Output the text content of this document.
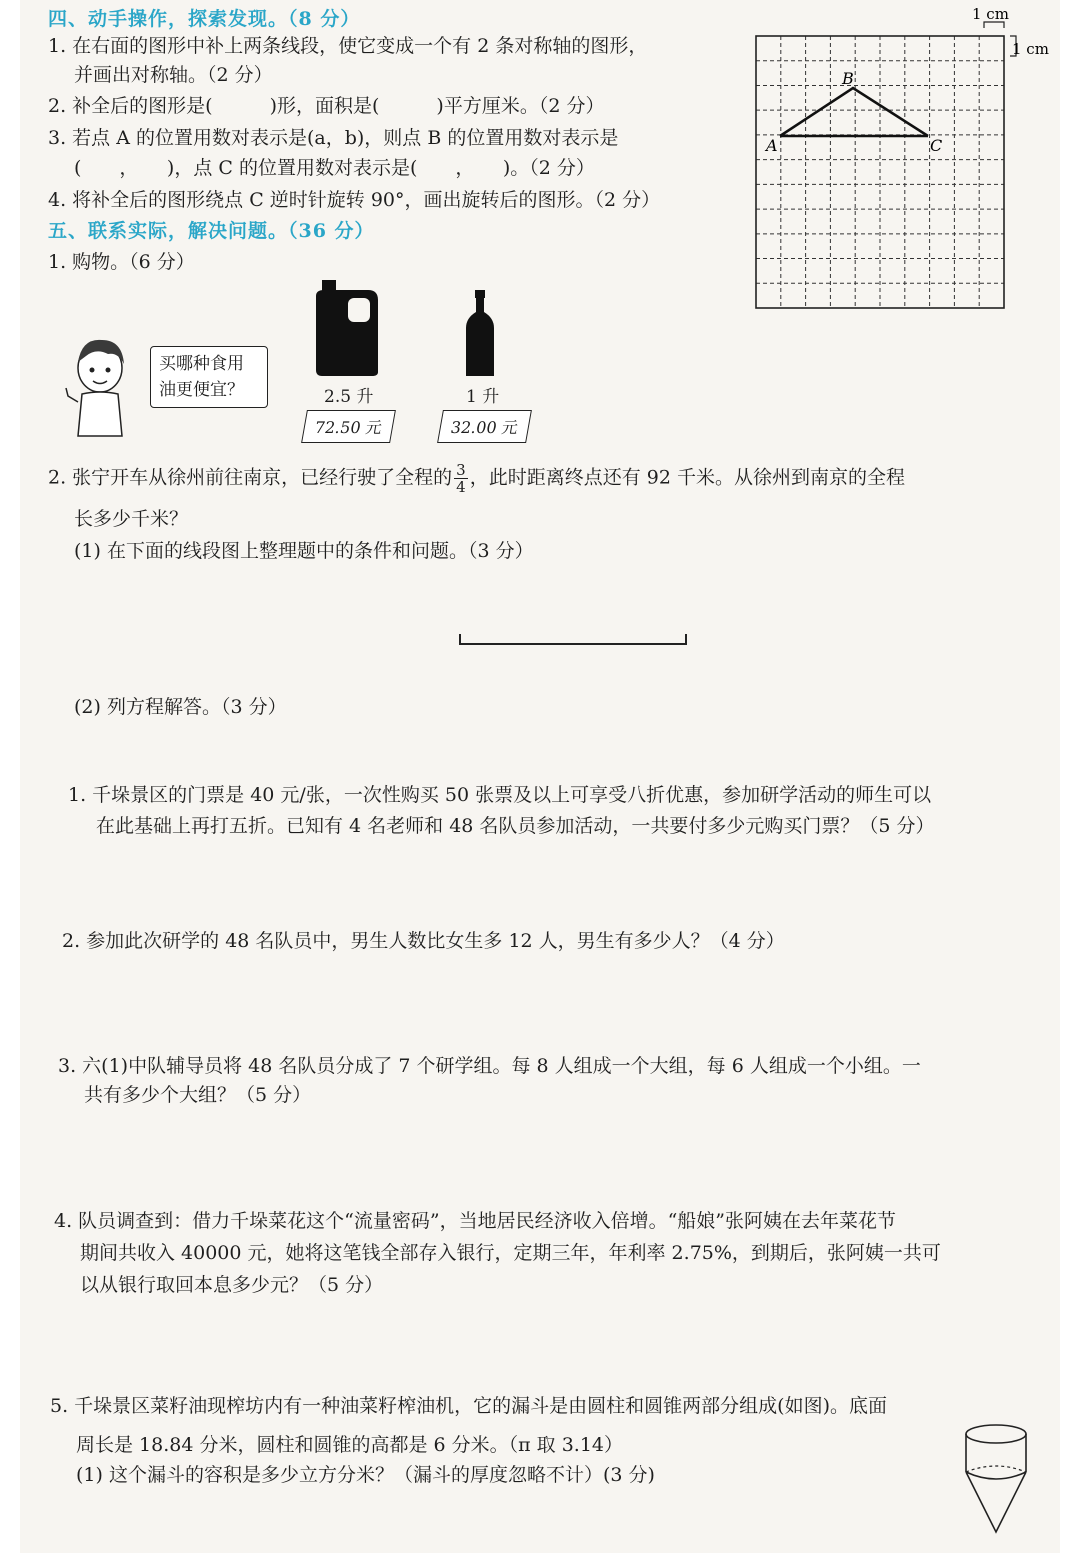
四、动手操作，探索发现。（8 分）
1. 在右面的图形中补上两条线段，使它变成一个有 2 条对称轴的图形，
并画出对称轴。（2 分）
2. 补全后的图形是(　　　)形，面积是(　　　)平方厘米。（2 分）
3. 若点 A 的位置用数对表示是(a，b)，则点 B 的位置用数对表示是
(　　，　　)，点 C 的位置用数对表示是(　　，　　)。（2 分）
4. 将补全后的图形绕点 C 逆时针旋转 90°，画出旋转后的图形。（2 分）
1 cm
1 cm
A
B
C
五、联系实际，解决问题。（36 分）
1. 购物。（6 分）
买哪种食用油更便宜？	2.5 升
72.50 元
1 升
32.00 元
2. 张宁开车从徐州前往南京，已经行驶了全程的 $\frac{3}{4}$ ，此时距离终点还有 92 千米。从徐州到南京的全程
长多少千米？
(1) 在下面的线段图上整理题中的条件和问题。（3 分）
(2) 列方程解答。（3 分）
1. 千垛景区的门票是 40 元/张，一次性购买 50 张票及以上可享受八折优惠，参加研学活动的师生可以
在此基础上再打五折。已知有 4 名老师和 48 名队员参加活动，一共要付多少元购买门票？（5 分）
2. 参加此次研学的 48 名队员中，男生人数比女生多 12 人，男生有多少人？（4 分）
3. 六(1)中队辅导员将 48 名队员分成了 7 个研学组。每 8 人组成一个大组，每 6 人组成一个小组。一
共有多少个大组？（5 分）
4. 队员调查到：借力千垛菜花这个“流量密码”，当地居民经济收入倍增。“船娘”张阿姨在去年菜花节
期间共收入 40000 元，她将这笔钱全部存入银行，定期三年，年利率 2.75%，到期后，张阿姨一共可
以从银行取回本息多少元？（5 分）
5. 千垛景区菜籽油现榨坊内有一种油菜籽榨油机，它的漏斗是由圆柱和圆锥两部分组成(如图)。底面
周长是 18.84 分米，圆柱和圆锥的高都是 6 分米。（π 取 3.14）
(1) 这个漏斗的容积是多少立方分米？（漏斗的厚度忽略不计）(3 分)
